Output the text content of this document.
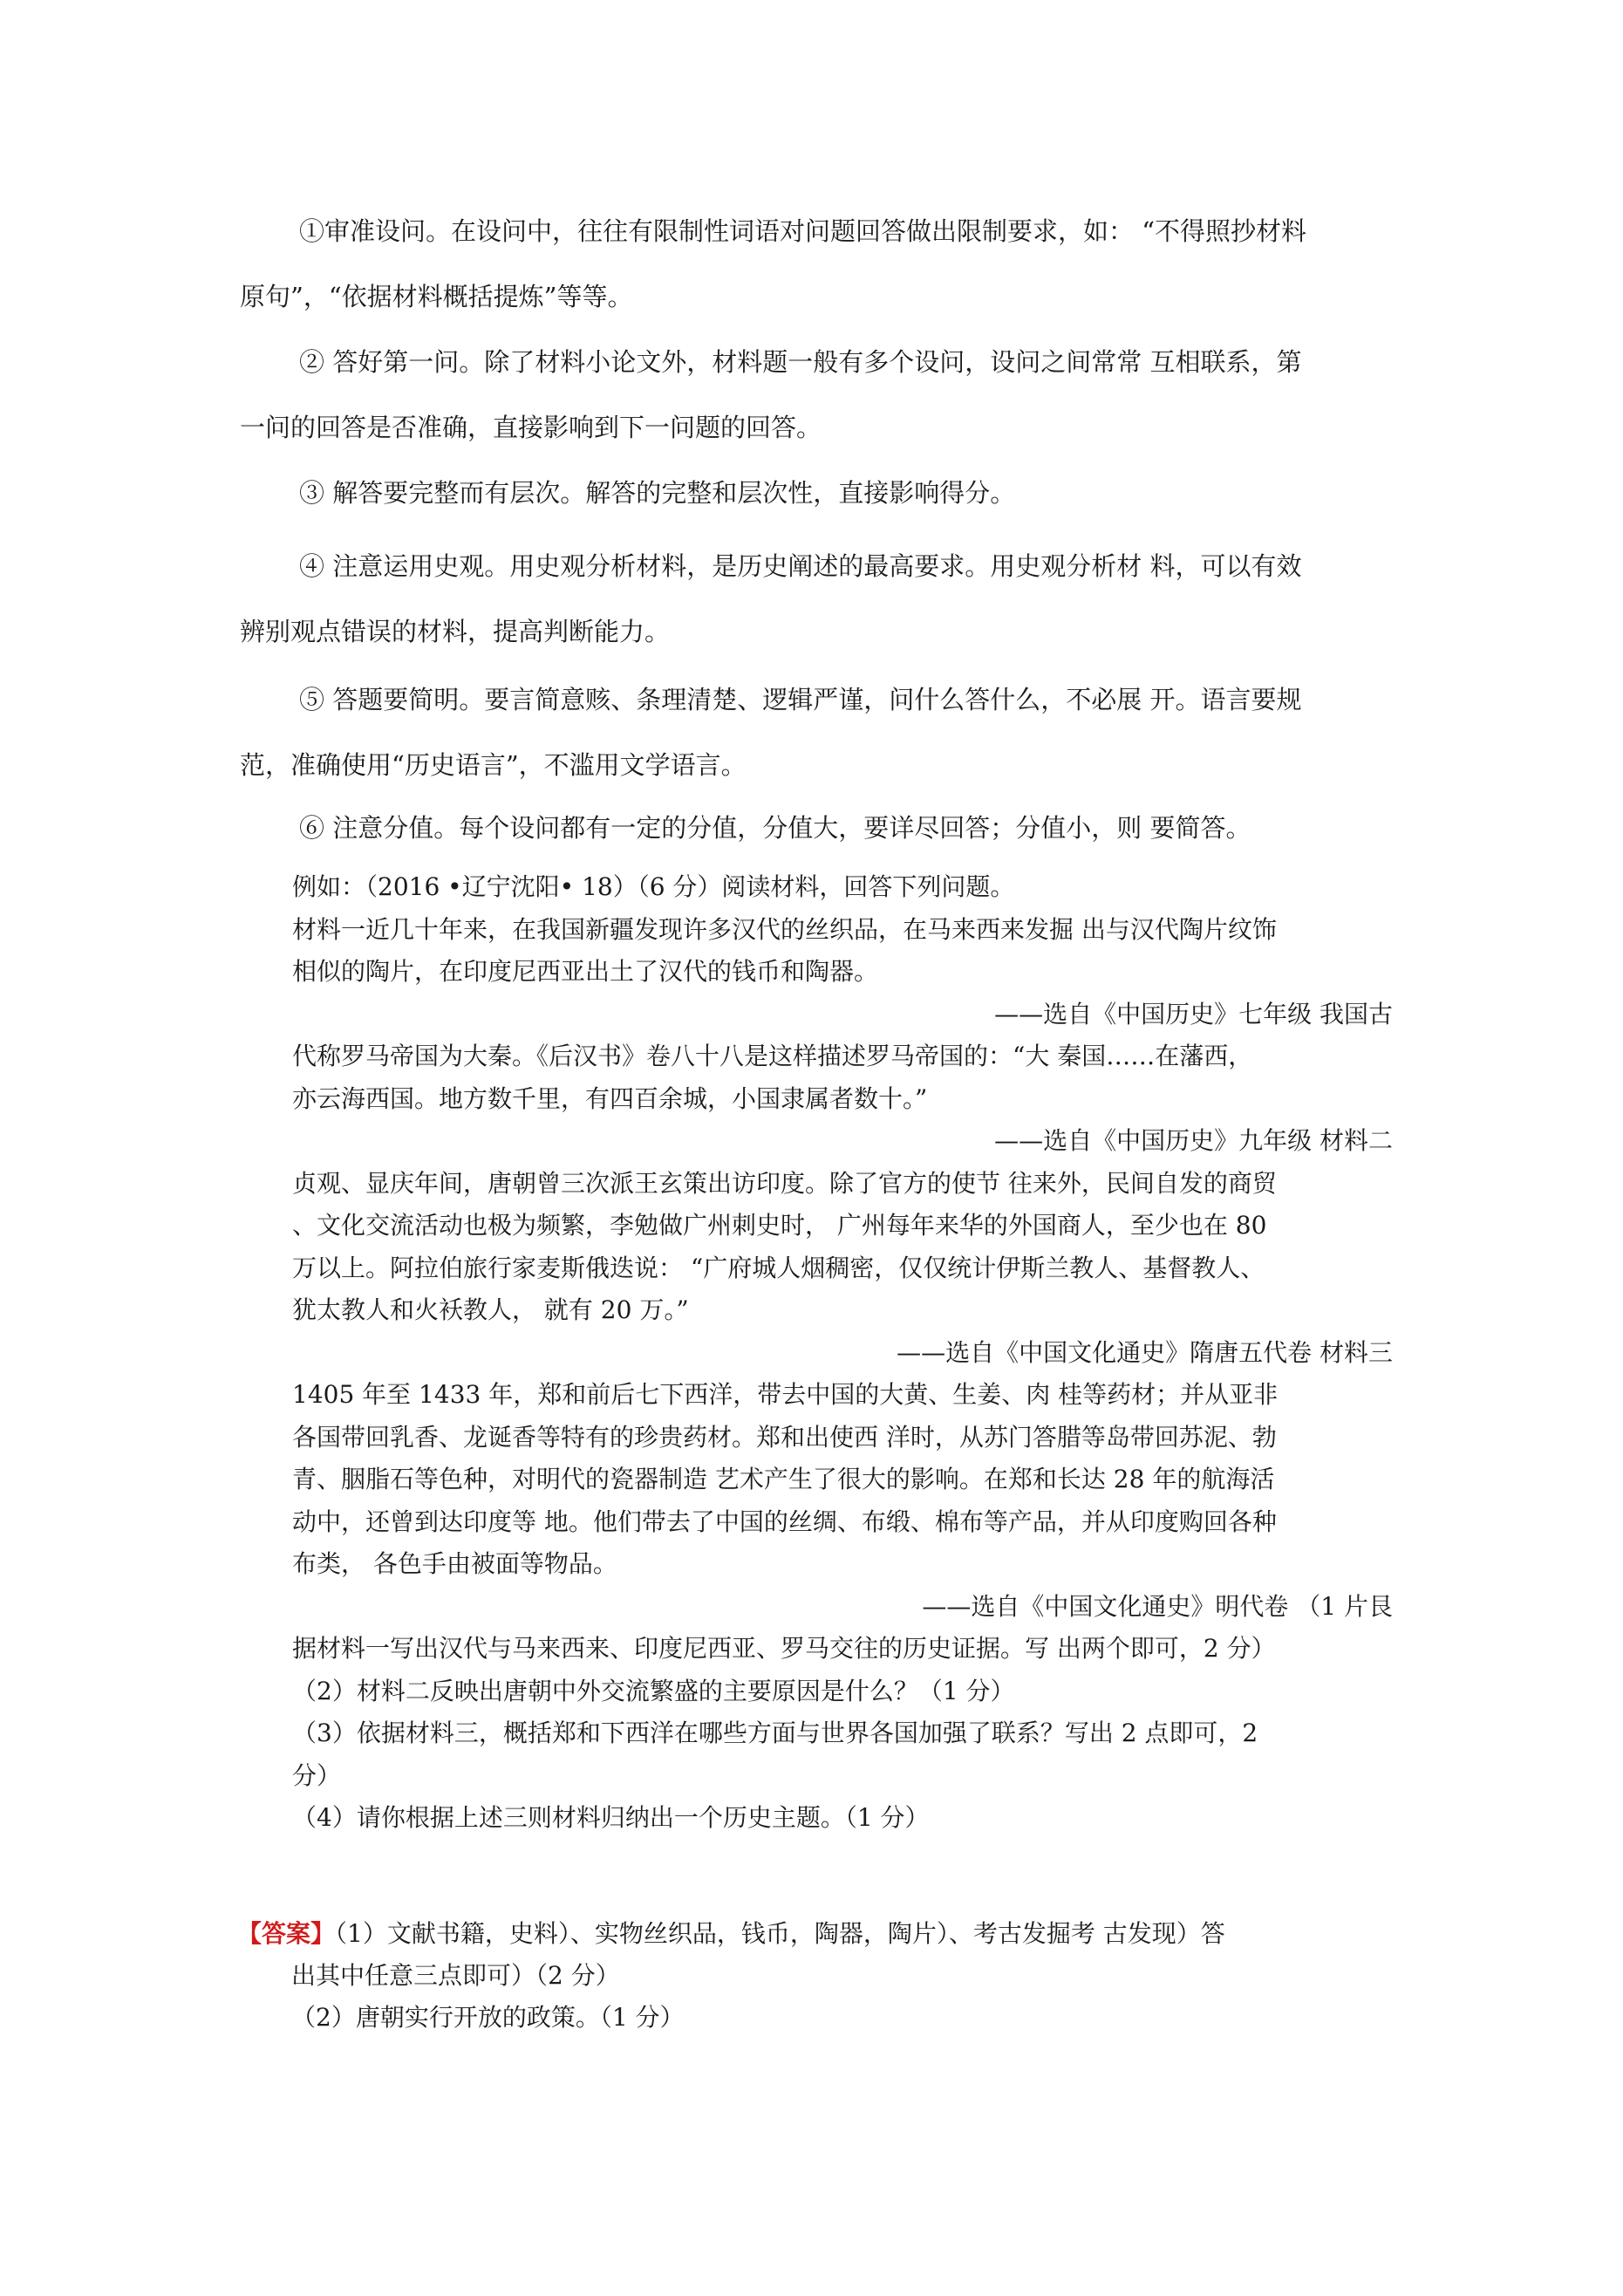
①审准设问。在设问中，往往有限制性词语对问题回答做出限制要求，如： “不得照抄材料
原句”，“依据材料概括提炼”等等。
② 答好第一问。除了材料小论文外，材料题一般有多个设问，设问之间常常 互相联系，第
一问的回答是否准确，直接影响到下一问题的回答。
③ 解答要完整而有层次。解答的完整和层次性，直接影响得分。
④ 注意运用史观。用史观分析材料，是历史阐述的最高要求。用史观分析材 料，可以有效
辨别观点错误的材料，提高判断能力。
⑤ 答题要简明。要言简意赅、条理清楚、逻辑严谨，问什么答什么，不必展 开。语言要规
范，准确使用“历史语言”，不滥用文学语言。
⑥ 注意分值。每个设问都有一定的分值，分值大，要详尽回答；分值小，则 要简答。
例如：（2016 •辽宁沈阳• 18）（6 分）阅读材料，回答下列问题。
材料一近几十年来，在我国新疆发现许多汉代的丝织品，在马来西来发掘 出与汉代陶片纹饰
相似的陶片，在印度尼西亚出土了汉代的钱币和陶器。
——选自《中国历史》七年级 我国古
代称罗马帝国为大秦。《后汉书》卷八十八是这样描述罗马帝国的：“大 秦国……在藩西，
亦云海西国。地方数千里，有四百余城，小国隶属者数十。”
——选自《中国历史》九年级 材料二
贞观、显庆年间，唐朝曾三次派王玄策出访印度。除了官方的使节 往来外，民间自发的商贸
、文化交流活动也极为频繁，李勉做广州刺史时， 广州每年来华的外国商人，至少也在 80
万以上。阿拉伯旅行家麦斯俄迭说： “广府城人烟稠密，仅仅统计伊斯兰教人、基督教人、
犹太教人和火袄教人， 就有 20 万。”
——选自《中国文化通史》隋唐五代卷 材料三
1405 年至 1433 年，郑和前后七下西洋，带去中国的大黄、生姜、肉 桂等药材；并从亚非
各国带回乳香、龙诞香等特有的珍贵药材。郑和出使西 洋时，从苏门答腊等岛带回苏泥、勃
青、胭脂石等色种，对明代的瓷器制造 艺术产生了很大的影响。在郑和长达 28 年的航海活
动中，还曾到达印度等 地。他们带去了中国的丝绸、布缎、棉布等产品，并从印度购回各种
布类， 各色手由被面等物品。
——选自《中国文化通史》明代卷 （1 片艮
据材料一写出汉代与马来西来、印度尼西亚、罗马交往的历史证据。写 出两个即可，2 分）
（2）材料二反映出唐朝中外交流繁盛的主要原因是什么？（1 分）
（3）依据材料三，概括郑和下西洋在哪些方面与世界各国加强了联系？写出 2 点即可，2
分）
（4）请你根据上述三则材料归纳出一个历史主题。（1 分）
【答案】（1）文献书籍，史料）、实物丝织品，钱币，陶器，陶片）、考古发掘考 古发现）答
出其中任意三点即可）（2 分）
（2）唐朝实行开放的政策。（1 分）
